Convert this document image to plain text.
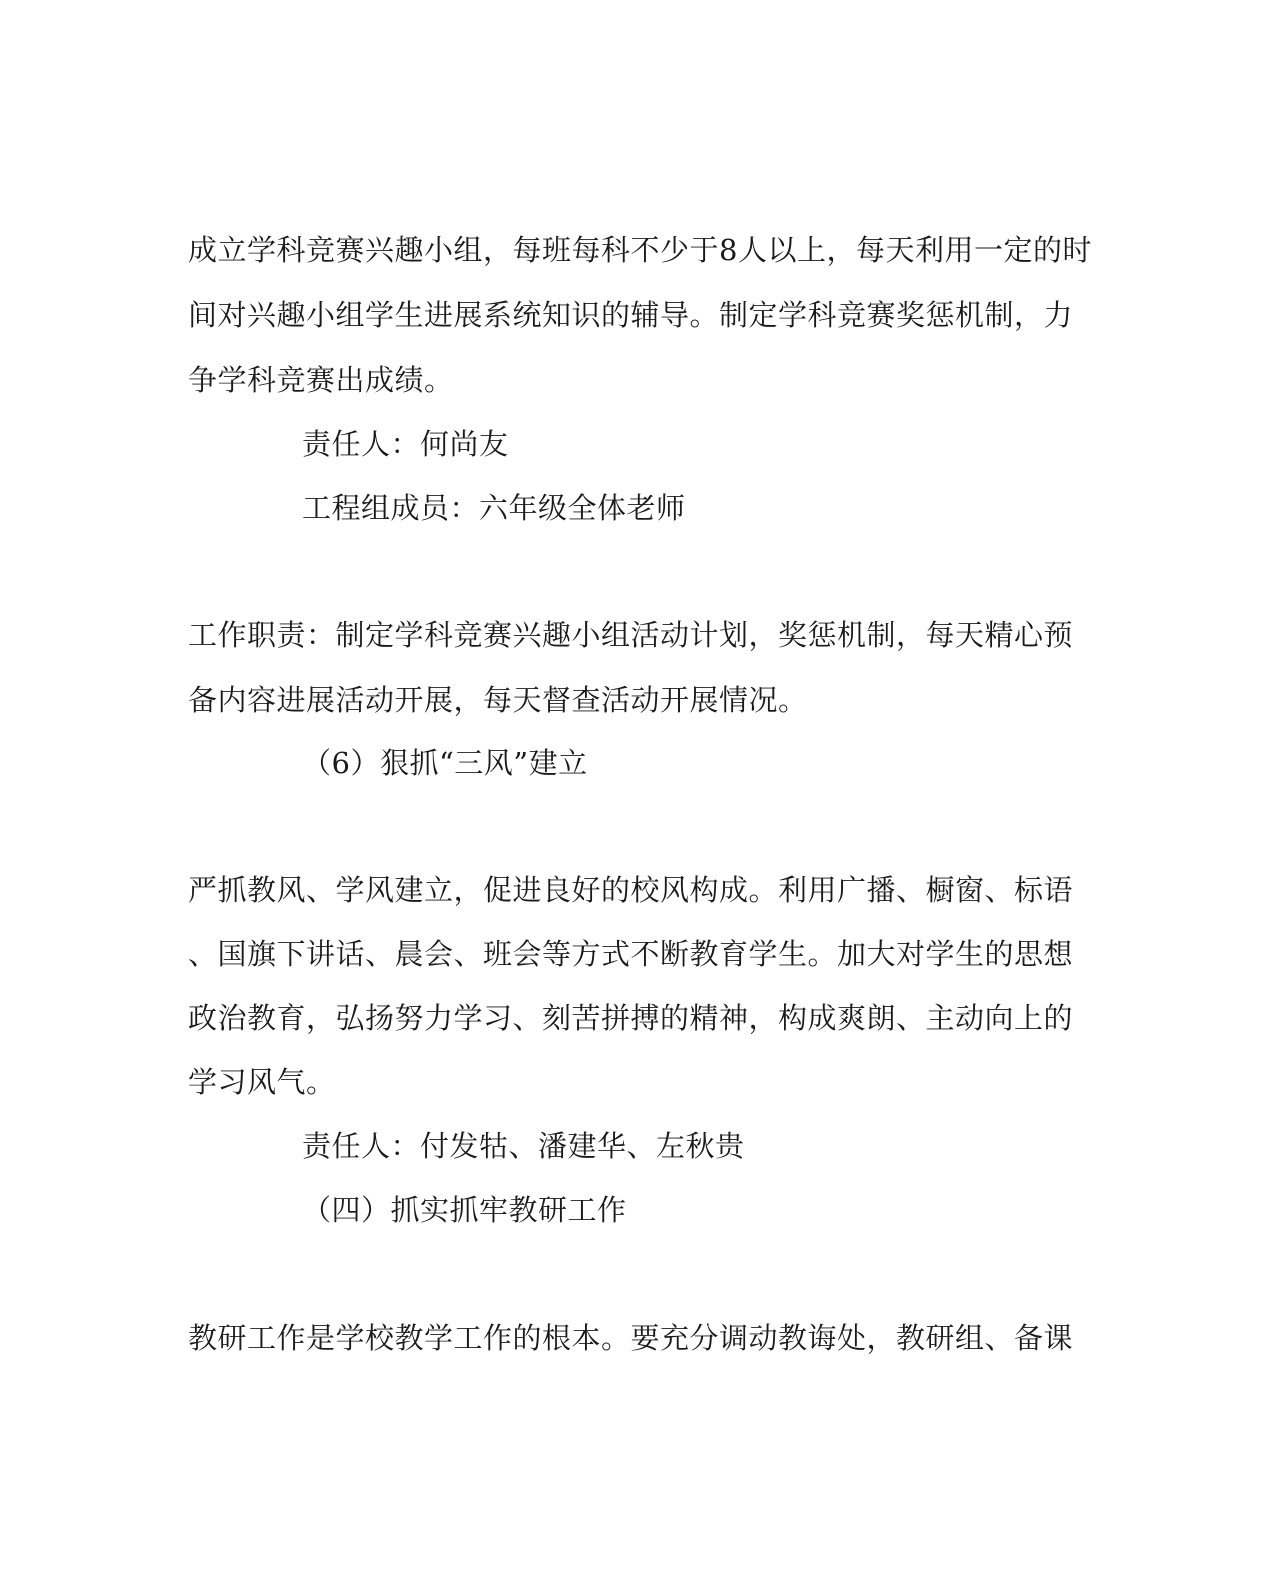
成立学科竞赛兴趣小组，每班每科不少于8人以上，每天利用一定的时
间对兴趣小组学生进展系统知识的辅导。制定学科竞赛奖惩机制，力
争学科竞赛出成绩。
责任人：何尚友
工程组成员：六年级全体老师
工作职责：制定学科竞赛兴趣小组活动计划，奖惩机制，每天精心预
备内容进展活动开展，每天督查活动开展情况。
（6）狠抓“三风”建立
严抓教风、学风建立，促进良好的校风构成。利用广播、橱窗、标语
、国旗下讲话、晨会、班会等方式不断教育学生。加大对学生的思想
政治教育，弘扬努力学习、刻苦拼搏的精神，构成爽朗、主动向上的
学习风气。
责任人：付发牯、潘建华、左秋贵
（四）抓实抓牢教研工作
教研工作是学校教学工作的根本。要充分调动教诲处，教研组、备课
